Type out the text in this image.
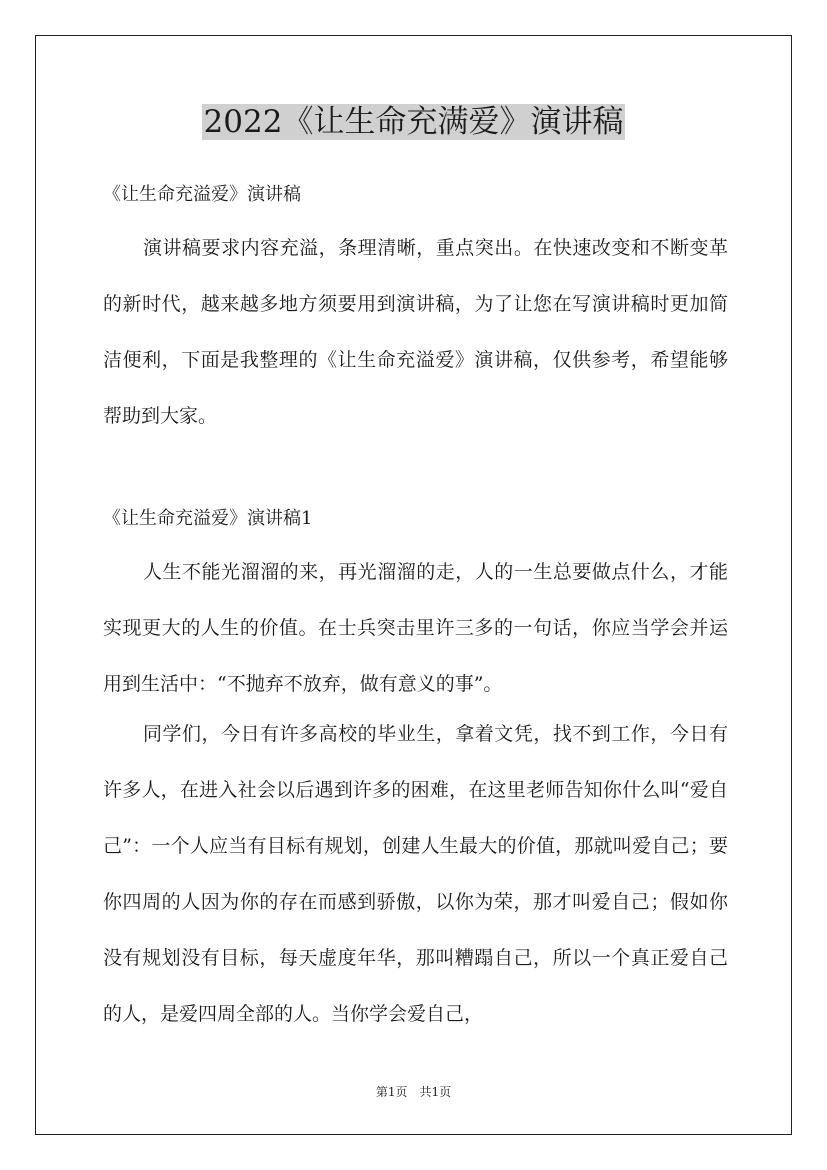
2022《让生命充满爱》演讲稿

《让生命充溢爱》演讲稿

演讲稿要求内容充溢，条理清晰，重点突出。在快速改变和不断变革的新时代，越来越多地方须要用到演讲稿，为了让您在写演讲稿时更加简洁便利，下面是我整理的《让生命充溢爱》演讲稿，仅供参考，希望能够帮助到大家。

《让生命充溢爱》演讲稿1

人生不能光溜溜的来，再光溜溜的走，人的一生总要做点什么，才能实现更大的人生的价值。在士兵突击里许三多的一句话，你应当学会并运用到生活中：“不抛弃不放弃，做有意义的事”。

同学们，今日有许多高校的毕业生，拿着文凭，找不到工作，今日有许多人，在进入社会以后遇到许多的困难，在这里老师告知你什么叫“爱自己”：一个人应当有目标有规划，创建人生最大的价值，那就叫爱自己；要你四周的人因为你的存在而感到骄傲，以你为荣，那才叫爱自己；假如你没有规划没有目标，每天虚度年华，那叫糟蹋自己，所以一个真正爱自己的人，是爱四周全部的人。当你学会爱自己，

第1页　共1页
